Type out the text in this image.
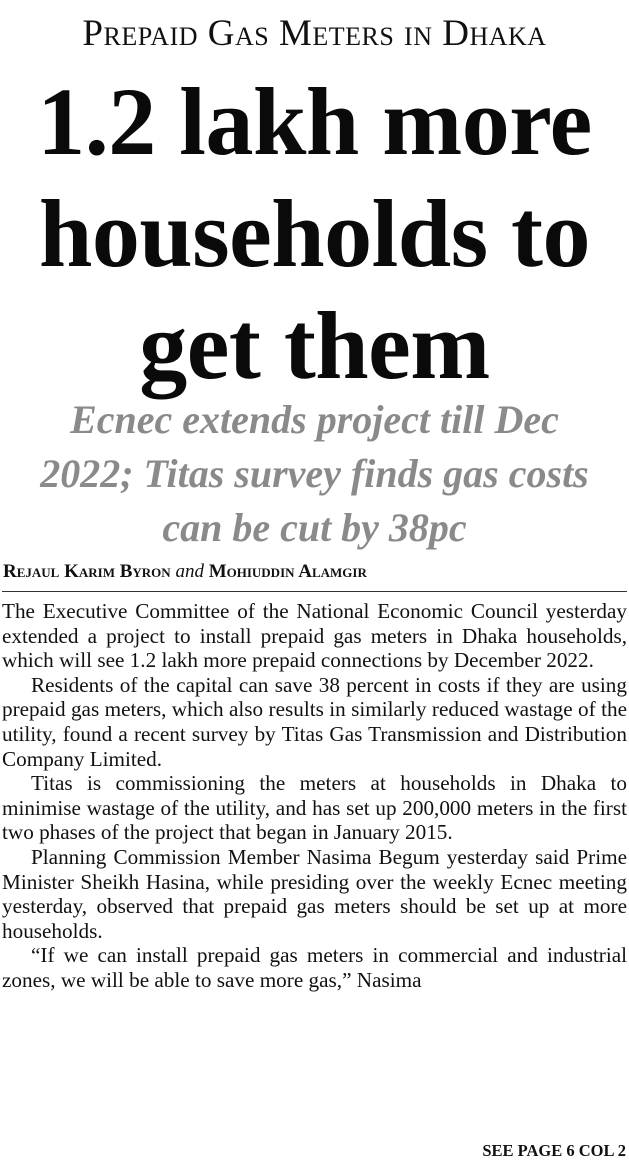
Prepaid Gas Meters in Dhaka
1.2 lakh more
households to
get them
Ecnec extends project till Dec
2022; Titas survey finds gas costs
can be cut by 38pc
Rejaul Karim Byron and Mohiuddin Alamgir

The Executive Committee of the National Economic Council yesterday extended a project to install prepaid gas meters in Dhaka households, which will see 1.2 lakh more prepaid connections by December 2022.

Residents of the capital can save 38 percent in costs if they are using prepaid gas meters, which also results in similarly reduced wastage of the utility, found a recent survey by Titas Gas Transmission and Distribution Company Limited.

Titas is commissioning the meters at households in Dhaka to minimise wastage of the utility, and has set up 200,000 meters in the first two phases of the project that began in January 2015.

Planning Commission Member Nasima Begum yesterday said Prime Minister Sheikh Hasina, while presiding over the weekly Ecnec meeting yesterday, observed that prepaid gas meters should be set up at more households.

“If we can install prepaid gas meters in commercial and industrial zones, we will be able to save more gas,” Nasima

SEE PAGE 6 COL 2
